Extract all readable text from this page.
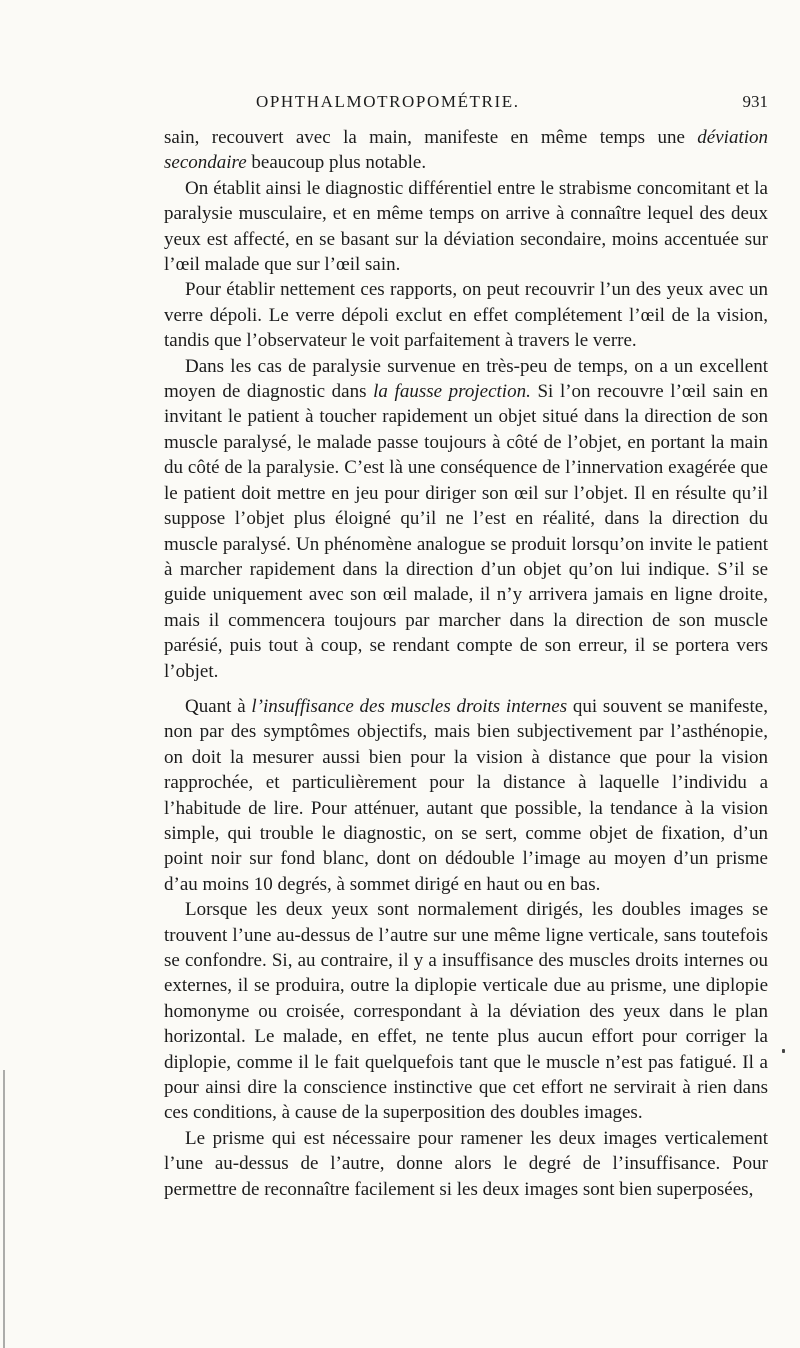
OPHTHALMOTROPOMÉTRIE.	931

sain, recouvert avec la main, manifeste en même temps une déviation secondaire beaucoup plus notable.

On établit ainsi le diagnostic différentiel entre le strabisme concomitant et la paralysie musculaire, et en même temps on arrive à connaître lequel des deux yeux est affecté, en se basant sur la déviation secondaire, moins accentuée sur l’œil malade que sur l’œil sain.

Pour établir nettement ces rapports, on peut recouvrir l’un des yeux avec un verre dépoli. Le verre dépoli exclut en effet complétement l’œil de la vision, tandis que l’observateur le voit parfaitement à travers le verre.

Dans les cas de paralysie survenue en très-peu de temps, on a un excellent moyen de diagnostic dans la fausse projection. Si l’on recouvre l’œil sain en invitant le patient à toucher rapidement un objet situé dans la direction de son muscle paralysé, le malade passe toujours à côté de l’objet, en portant la main du côté de la paralysie. C’est là une conséquence de l’innervation exagérée que le patient doit mettre en jeu pour diriger son œil sur l’objet. Il en résulte qu’il suppose l’objet plus éloigné qu’il ne l’est en réalité, dans la direction du muscle paralysé. Un phénomène analogue se produit lorsqu’on invite le patient à marcher rapidement dans la direction d’un objet qu’on lui indique. S’il se guide uniquement avec son œil malade, il n’y arrivera jamais en ligne droite, mais il commencera toujours par marcher dans la direction de son muscle parésié, puis tout à coup, se rendant compte de son erreur, il se portera vers l’objet.

Quant à l’insuffisance des muscles droits internes qui souvent se manifeste, non par des symptômes objectifs, mais bien subjectivement par l’asthénopie, on doit la mesurer aussi bien pour la vision à distance que pour la vision rapprochée, et particulièrement pour la distance à laquelle l’individu a l’habitude de lire. Pour atténuer, autant que possible, la tendance à la vision simple, qui trouble le diagnostic, on se sert, comme objet de fixation, d’un point noir sur fond blanc, dont on dédouble l’image au moyen d’un prisme d’au moins 10 degrés, à sommet dirigé en haut ou en bas.

Lorsque les deux yeux sont normalement dirigés, les doubles images se trouvent l’une au-dessus de l’autre sur une même ligne verticale, sans toutefois se confondre. Si, au contraire, il y a insuffisance des muscles droits internes ou externes, il se produira, outre la diplopie verticale due au prisme, une diplopie homonyme ou croisée, correspondant à la déviation des yeux dans le plan horizontal. Le malade, en effet, ne tente plus aucun effort pour corriger la diplopie, comme il le fait quelquefois tant que le muscle n’est pas fatigué. Il a pour ainsi dire la conscience instinctive que cet effort ne servirait à rien dans ces conditions, à cause de la superposition des doubles images.

Le prisme qui est nécessaire pour ramener les deux images verticalement l’une au-dessus de l’autre, donne alors le degré de l’insuffisance. Pour permettre de reconnaître facilement si les deux images sont bien superposées,
